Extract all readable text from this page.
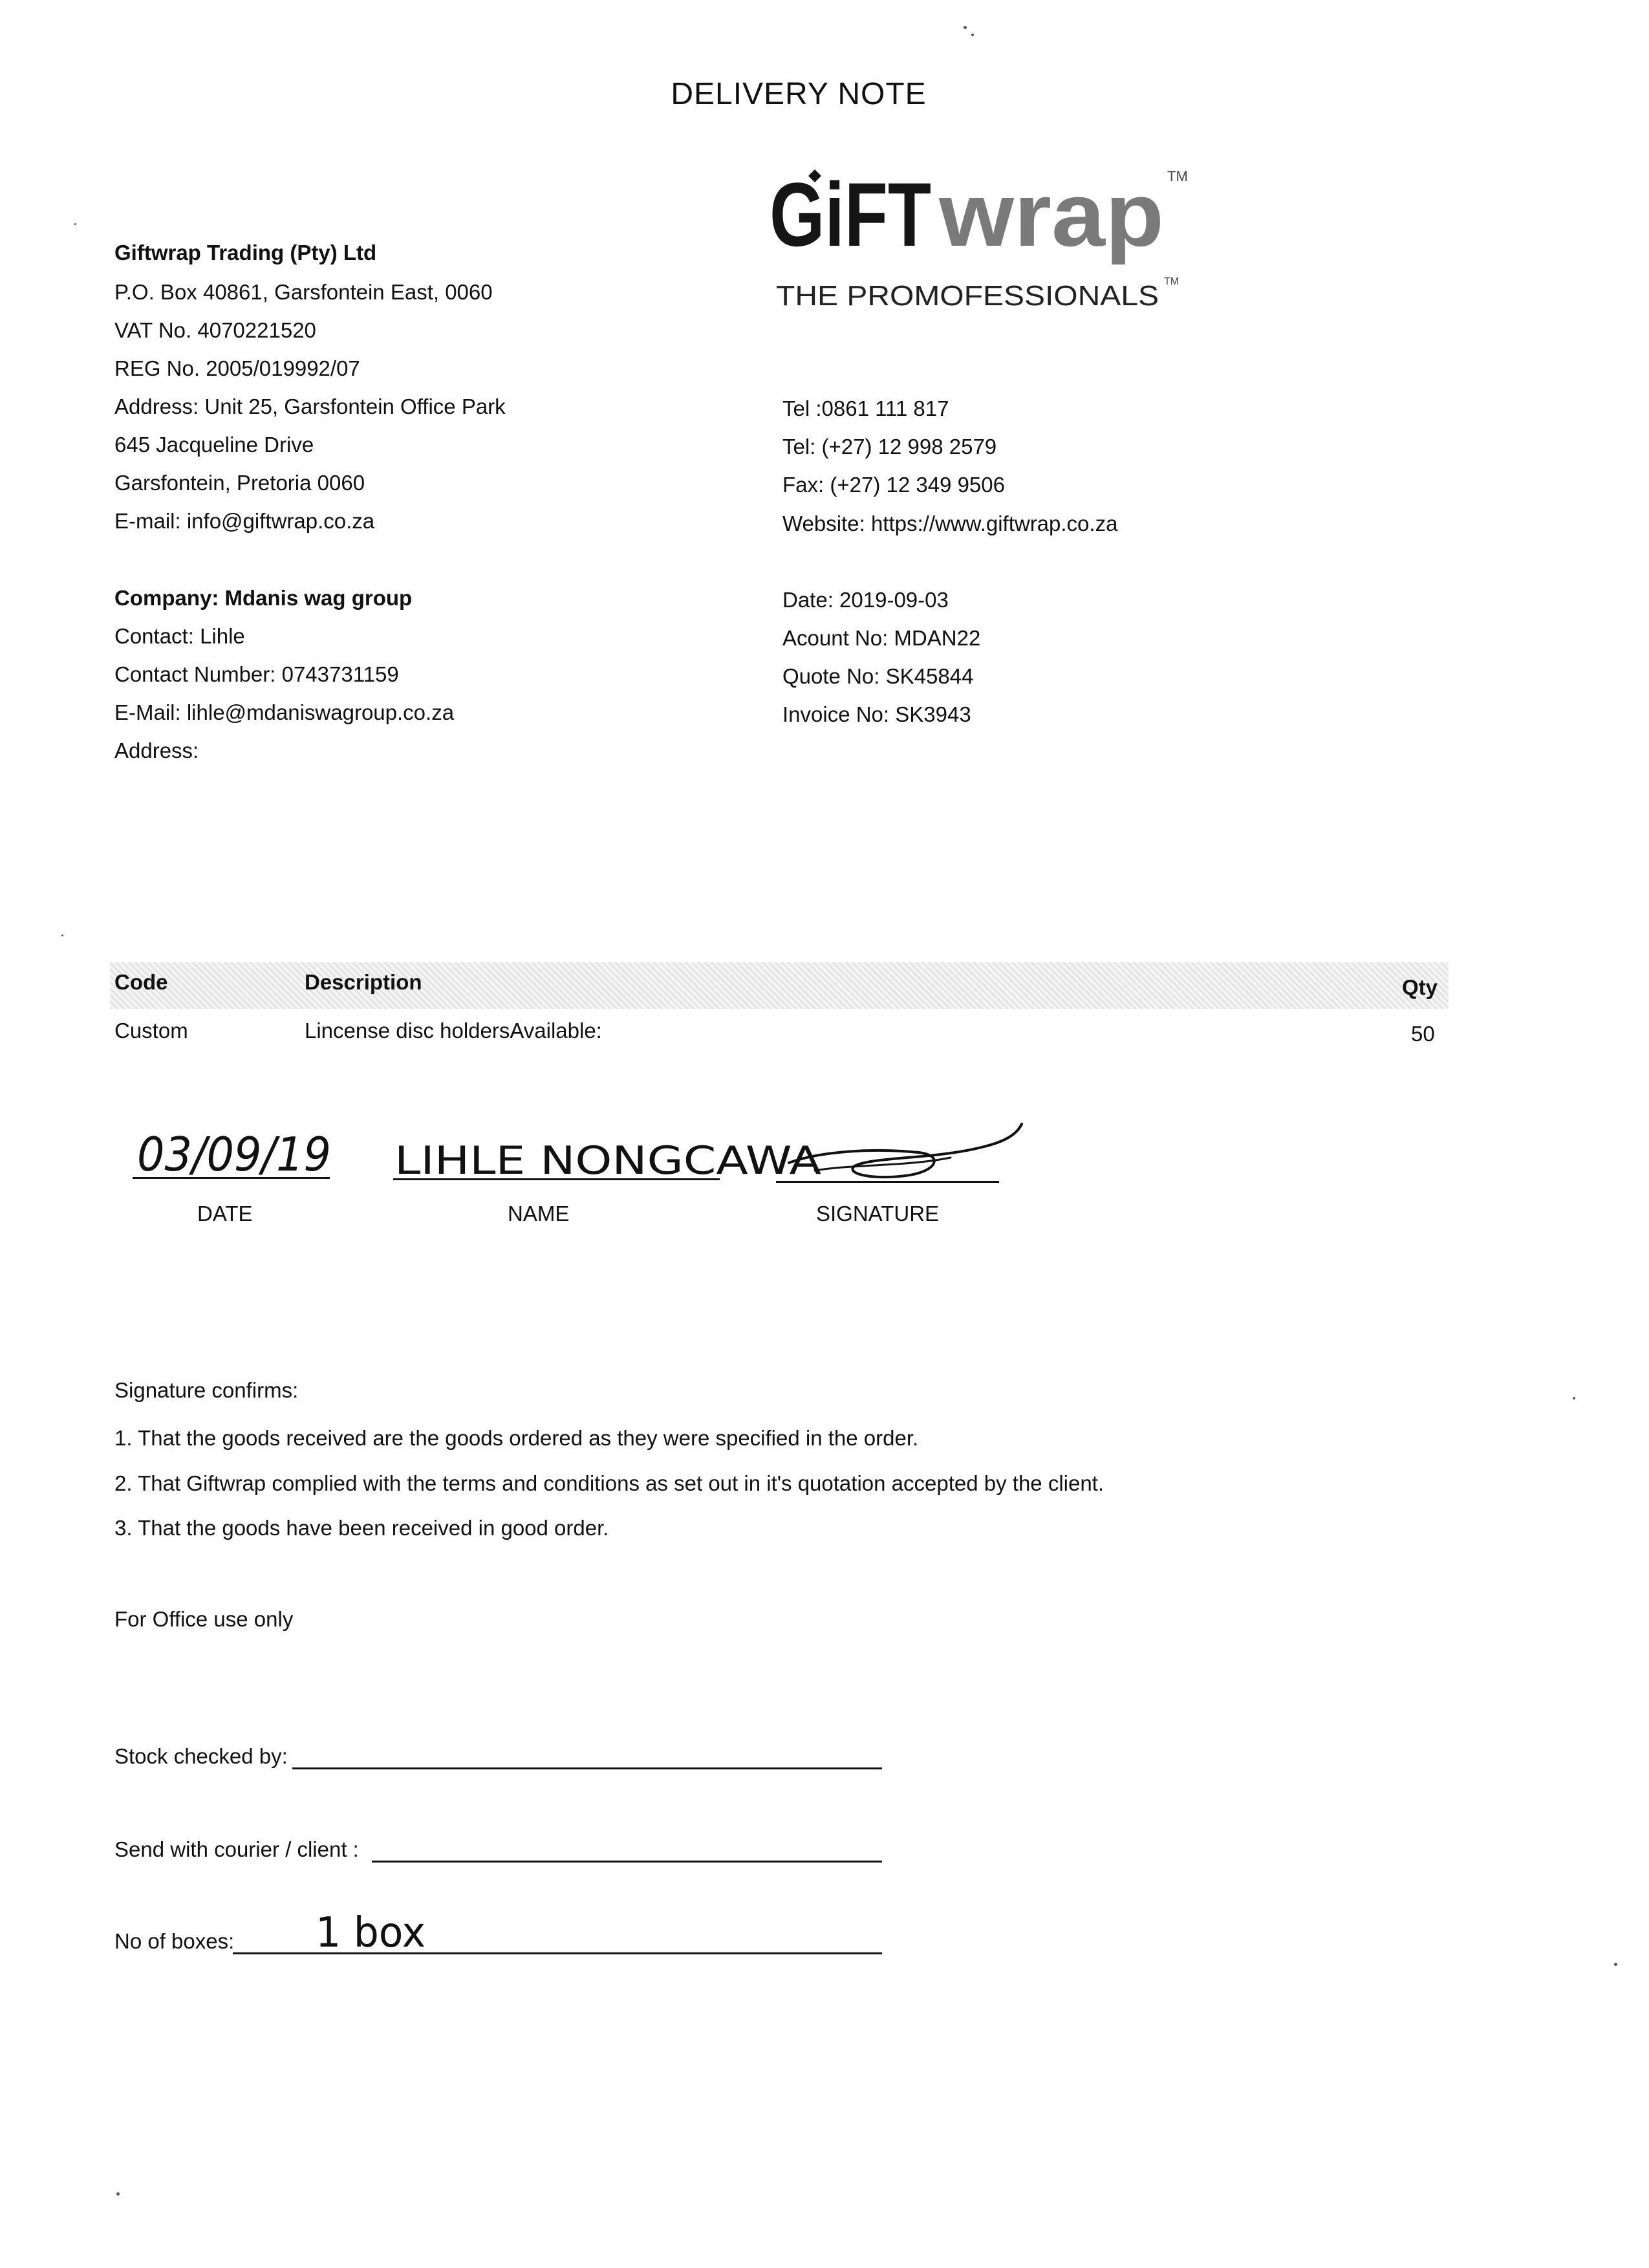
DELIVERY NOTE
GiFT wrap TM
THE PROMOFESSIONALS TM
Giftwrap Trading (Pty) Ltd
P.O. Box 40861, Garsfontein East, 0060
VAT No. 4070221520
REG No. 2005/019992/07
Address: Unit 25, Garsfontein Office Park
645 Jacqueline Drive
Garsfontein, Pretoria 0060
E-mail: info@giftwrap.co.za
Tel :0861 111 817
Tel: (+27) 12 998 2579
Fax: (+27) 12 349 9506
Website: https://www.giftwrap.co.za
Company: Mdanis wag group
Contact: Lihle
Contact Number: 0743731159
E-Mail: lihle@mdaniswagroup.co.za
Address:
Date: 2019-09-03
Acount No: MDAN22
Quote No: SK45844
Invoice No: SK3943
Code	Description	Qty
Custom	Lincense disc holdersAvailable:	50
03/09/19 LIHLE NONGCAWA
DATE	NAME	SIGNATURE
Signature confirms:
1. That the goods received are the goods ordered as they were specified in the order.
2. That Giftwrap complied with the terms and conditions as set out in it's quotation accepted by the client.
3. That the goods have been received in good order.
For Office use only
Stock checked by:
Send with courier / client :
No of boxes: 1 box
